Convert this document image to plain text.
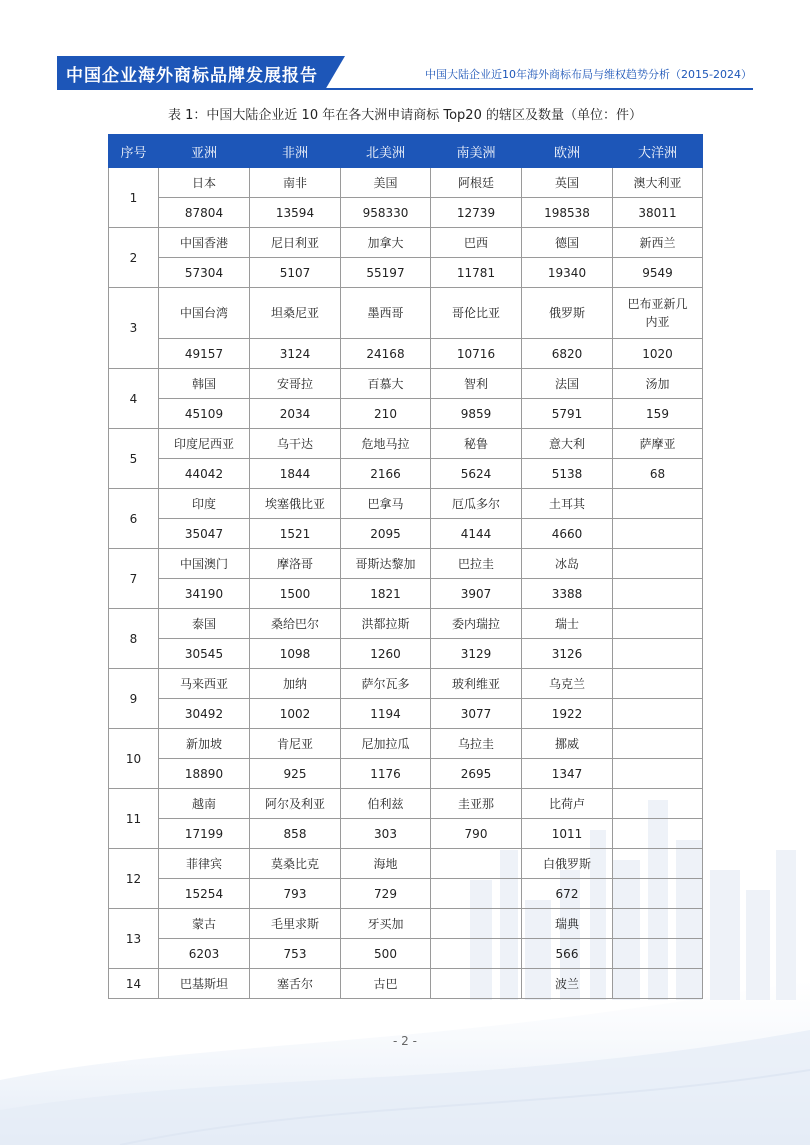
中国企业海外商标品牌发展报告	中国大陆企业近10年海外商标布局与维权趋势分析（2015-2024）
表 1：中国大陆企业近 10 年在各大洲申请商标 Top20 的辖区及数量（单位：件）
序号	亚洲	非洲	北美洲	南美洲	欧洲	大洋洲
1	日本	南非	美国	阿根廷	英国	澳大利亚
	87804	13594	958330	12739	198538	38011
2	中国香港	尼日利亚	加拿大	巴西	德国	新西兰
	57304	5107	55197	11781	19340	9549
3	中国台湾	坦桑尼亚	墨西哥	哥伦比亚	俄罗斯	巴布亚新几内亚
	49157	3124	24168	10716	6820	1020
4	韩国	安哥拉	百慕大	智利	法国	汤加
	45109	2034	210	9859	5791	159
5	印度尼西亚	乌干达	危地马拉	秘鲁	意大利	萨摩亚
	44042	1844	2166	5624	5138	68
6	印度	埃塞俄比亚	巴拿马	厄瓜多尔	土耳其	
	35047	1521	2095	4144	4660	
7	中国澳门	摩洛哥	哥斯达黎加	巴拉圭	冰岛	
	34190	1500	1821	3907	3388	
8	泰国	桑给巴尔	洪都拉斯	委内瑞拉	瑞士	
	30545	1098	1260	3129	3126	
9	马来西亚	加纳	萨尔瓦多	玻利维亚	乌克兰	
	30492	1002	1194	3077	1922	
10	新加坡	肯尼亚	尼加拉瓜	乌拉圭	挪威	
	18890	925	1176	2695	1347	
11	越南	阿尔及利亚	伯利兹	圭亚那	比荷卢	
	17199	858	303	790	1011	
12	菲律宾	莫桑比克	海地		白俄罗斯	
	15254	793	729		672	
13	蒙古	毛里求斯	牙买加		瑞典	
	6203	753	500		566	
14	巴基斯坦	塞舌尔	古巴		波兰	
- 2 -
